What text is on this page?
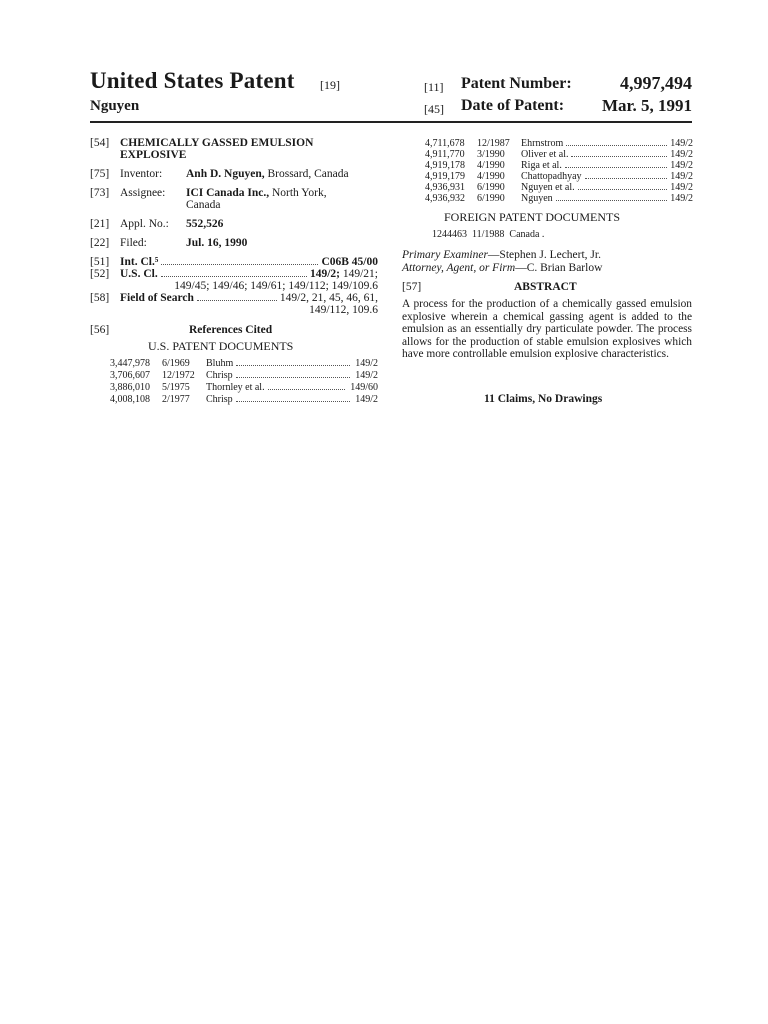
United States Patent [19]
Nguyen
[11] Patent Number:	4,997,494
[45] Date of Patent: Mar. 5, 1991
[54] CHEMICALLY GASSED EMULSION
EXPLOSIVE
[75] Inventor: Anh D. Nguyen, Brossard, Canada
[73] Assignee: ICI Canada Inc., North York,
Canada
[21] Appl. No.: 552,526
[22] Filed:	Jul. 16, 1990
[51] Int. Cl.⁵	C06B 45/00
[52] U.S. Cl.	149/2; 149/21;
149/45; 149/46; 149/61; 149/112; 149/109.6
[58] Field of Search	149/2, 21, 45, 46, 61,
149/112, 109.6
[56]	References Cited
U.S. PATENT DOCUMENTS
3,447,978	6/1969	Bluhm	149/2
3,706,607	12/1972	Chrisp	149/2
3,886,010	5/1975	Thornley et al.	149/60
4,008,108	2/1977	Chrisp	149/2
4,711,678	12/1987	Ehrnstrom	149/2
4,911,770	3/1990	Oliver et al.	149/2
4,919,178	4/1990	Riga et al.	149/2
4,919,179	4/1990	Chattopadhyay	149/2
4,936,931	6/1990	Nguyen et al.	149/2
4,936,932	6/1990	Nguyen	149/2
FOREIGN PATENT DOCUMENTS
1244463  11/1988  Canada .
Primary Examiner—Stephen J. Lechert, Jr.
Attorney, Agent, or Firm—C. Brian Barlow
[57]	ABSTRACT
A process for the production of a chemically gassed emulsion explosive wherein a chemical gassing agent is added to the emulsion as an essentially dry particulate powder. The process allows for the production of stable emulsion explosives which have more controllable emulsion explosive characteristics.
11 Claims, No Drawings
